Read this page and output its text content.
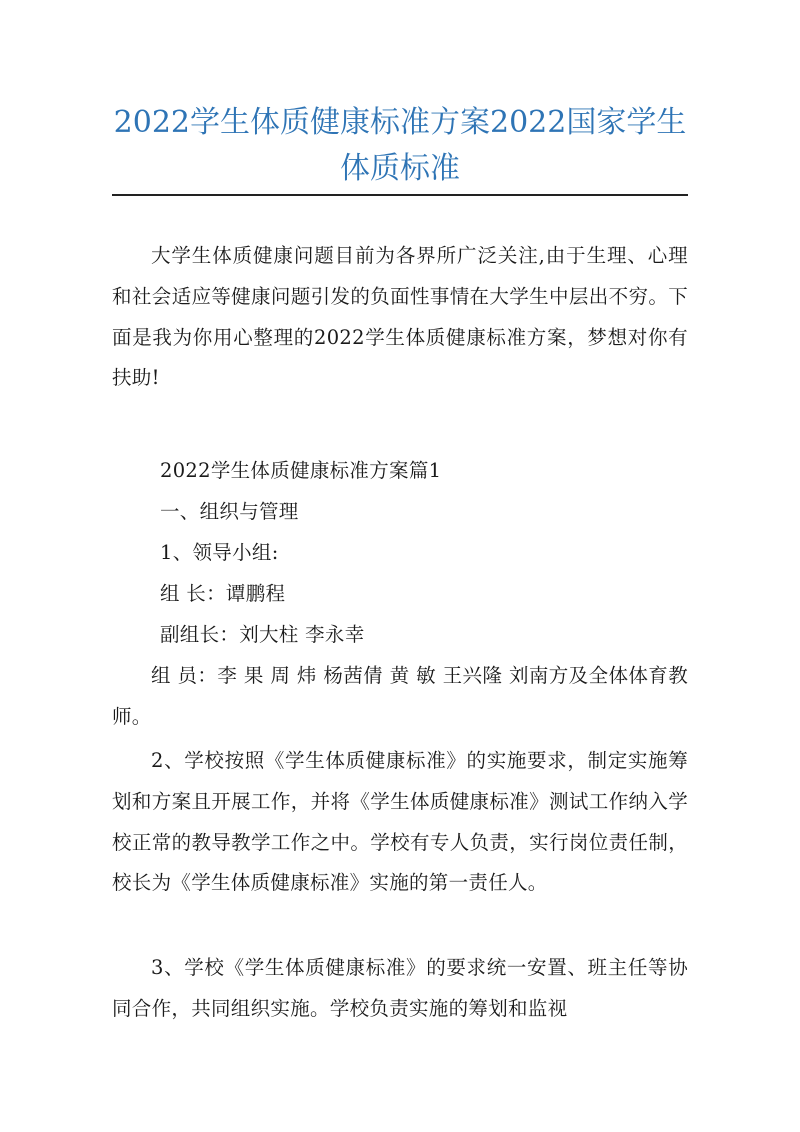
2022学生体质健康标准方案2022国家学生体质标准

大学生体质健康问题目前为各界所广泛关注,由于生理、心理和社会适应等健康问题引发的负面性事情在大学生中层出不穷。下面是我为你用心整理的2022学生体质健康标准方案，梦想对你有扶助!

2022学生体质健康标准方案篇1

一、组织与管理

1、领导小组:

组 长：谭鹏程

副组长：刘大柱 李永幸

组 员：李 果 周 炜 杨茜倩 黄 敏 王兴隆 刘南方及全体体育教师。

2、学校按照《学生体质健康标准》的实施要求，制定实施筹划和方案且开展工作，并将《学生体质健康标准》测试工作纳入学校正常的教导教学工作之中。学校有专人负责，实行岗位责任制，校长为《学生体质健康标准》实施的第一责任人。

3、学校《学生体质健康标准》的要求统一安置、班主任等协同合作，共同组织实施。学校负责实施的筹划和监视
